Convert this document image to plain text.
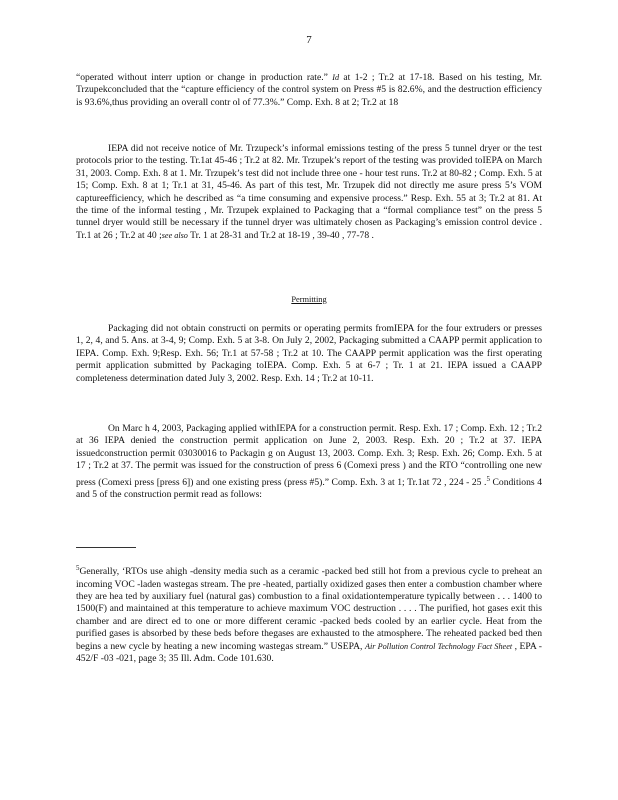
7

“operated without interr uption or change in production rate.” Id at 1-2 ; Tr.2 at 17-18. Based on his testing, Mr. Trzupekconcluded that the “capture efficiency of the control system on Press #5 is 82.6%, and the destruction efficiency is 93.6%,thus providing an overall contr ol of 77.3%.” Comp. Exh. 8 at 2; Tr.2 at 18

IEPA did not receive notice of Mr. Trzupeck’s informal emissions testing of the press 5 tunnel dryer or the test protocols prior to the testing. Tr.1at 45-46 ; Tr.2 at 82. Mr. Trzupek’s report of the testing was provided toIEPA on March 31, 2003. Comp. Exh. 8 at 1. Mr. Trzupek’s test did not include three one - hour test runs. Tr.2 at 80-82 ; Comp. Exh. 5 at 15; Comp. Exh. 8 at 1; Tr.1 at 31, 45-46. As part of this test, Mr. Trzupek did not directly me asure press 5’s VOM captureefficiency, which he described as “a time consuming and expensive process.” Resp. Exh. 55 at 3; Tr.2 at 81. At the time of the informal testing , Mr. Trzupek explained to Packaging that a “formal compliance test” on the press 5 tunnel dryer would still be necessary if the tunnel dryer was ultimately chosen as Packaging’s emission control device . Tr.1 at 26 ; Tr.2 at 40 ;see also Tr. 1 at 28-31 and Tr.2 at 18-19 , 39-40 , 77-78 .

Permitting

Packaging did not obtain constructi on permits or operating permits fromIEPA for the four extruders or presses 1, 2, 4, and 5. Ans. at 3-4, 9; Comp. Exh. 5 at 3-8. On July 2, 2002, Packaging submitted a CAAPP permit application to IEPA. Comp. Exh. 9;Resp. Exh. 56; Tr.1 at 57-58 ; Tr.2 at 10. The CAAPP permit application was the first operating permit application submitted by Packaging toIEPA. Comp. Exh. 5 at 6-7 ; Tr. 1 at 21. IEPA issued a CAAPP completeness determination dated July 3, 2002. Resp. Exh. 14 ; Tr.2 at 10-11.

On Marc h 4, 2003, Packaging applied withIEPA for a construction permit. Resp. Exh. 17 ; Comp. Exh. 12 ; Tr.2 at 36 IEPA denied the construction permit application on June 2, 2003. Resp. Exh. 20 ; Tr.2 at 37. IEPA issuedconstruction permit 03030016 to Packagin g on August 13, 2003. Comp. Exh. 3; Resp. Exh. 26; Comp. Exh. 5 at 17 ; Tr.2 at 37. The permit was issued for the construction of press 6 (Comexi press ) and the RTO “controlling one new press (Comexi press [press 6]) and one existing press (press #5).” Comp. Exh. 3 at 1; Tr.1at 72 , 224 - 25 .$^5$ Conditions 4 and 5 of the construction permit read as follows:

$^5$Generally, ‘RTOs use ahigh -density media such as a ceramic -packed bed still hot from a previous cycle to preheat an incoming VOC -laden wastegas stream. The pre -heated, partially oxidized gases then enter a combustion chamber where they are hea ted by auxiliary fuel (natural gas) combustion to a final oxidationtemperature typically between . . . 1400 to 1500(F) and maintained at this temperature to achieve maximum VOC destruction . . . . The purified, hot gases exit this chamber and are direct ed to one or more different ceramic -packed beds cooled by an earlier cycle. Heat from the purified gases is absorbed by these beds before thegases are exhausted to the atmosphere. The reheated packed bed then begins a new cycle by heating a new incoming wastegas stream.” USEPA, Air Pollution Control Technology Fact Sheet , EPA - 452/F -03 -021, page 3; 35 Ill. Adm. Code 101.630.
